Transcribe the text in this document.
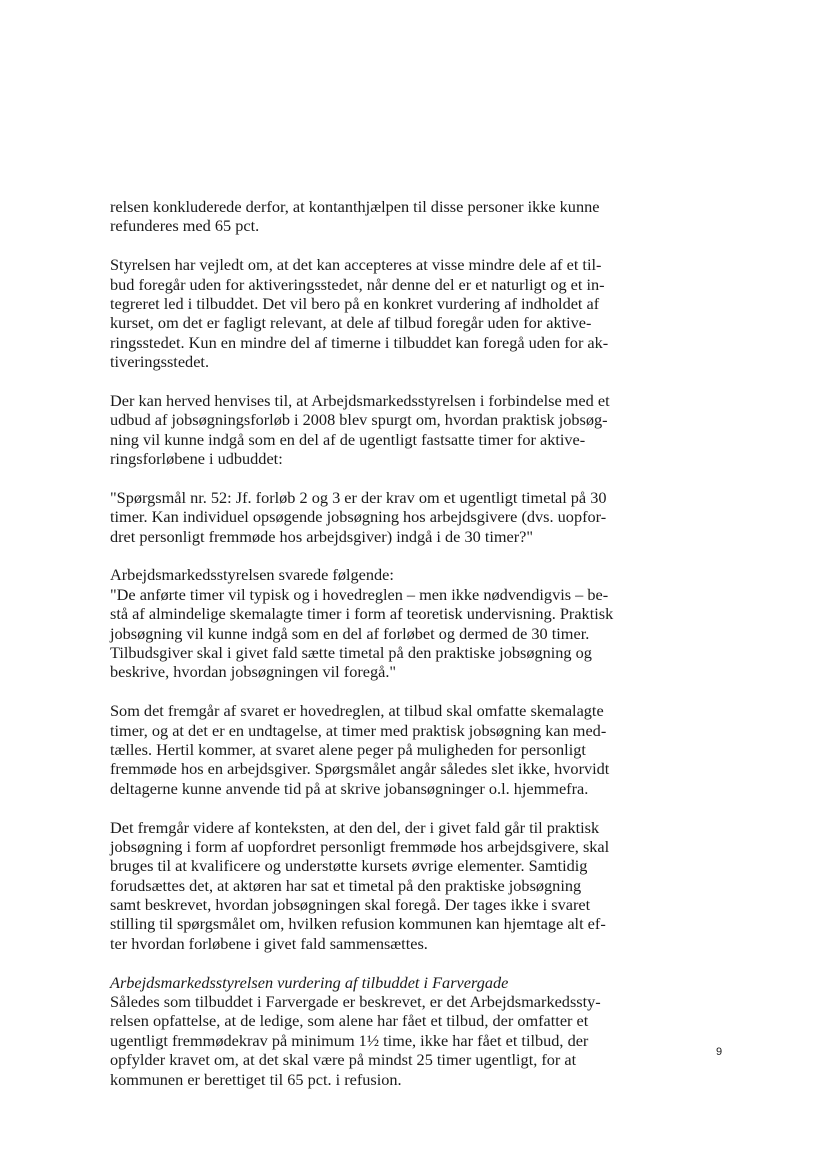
relsen konkluderede derfor, at kontanthjælpen til disse personer ikke kunne
refunderes med 65 pct.
Styrelsen har vejledt om, at det kan accepteres at visse mindre dele af et til-
bud foregår uden for aktiveringsstedet, når denne del er et naturligt og et in-
tegreret led i tilbuddet. Det vil bero på en konkret vurdering af indholdet af
kurset, om det er fagligt relevant, at dele af tilbud foregår uden for aktive-
ringsstedet. Kun en mindre del af timerne i tilbuddet kan foregå uden for ak-
tiveringsstedet.
Der kan herved henvises til, at Arbejdsmarkedsstyrelsen i forbindelse med et
udbud af jobsøgningsforløb i 2008 blev spurgt om, hvordan praktisk jobsøg-
ning vil kunne indgå som en del af de ugentligt fastsatte timer for aktive-
ringsforløbene i udbuddet:
"Spørgsmål nr. 52: Jf. forløb 2 og 3 er der krav om et ugentligt timetal på 30
timer. Kan individuel opsøgende jobsøgning hos arbejdsgivere (dvs. uopfor-
dret personligt fremmøde hos arbejdsgiver) indgå i de 30 timer?"
Arbejdsmarkedsstyrelsen svarede følgende:
"De anførte timer vil typisk og i hovedreglen – men ikke nødvendigvis – be-
stå af almindelige skemalagte timer i form af teoretisk undervisning. Praktisk
jobsøgning vil kunne indgå som en del af forløbet og dermed de 30 timer.
Tilbudsgiver skal i givet fald sætte timetal på den praktiske jobsøgning og
beskrive, hvordan jobsøgningen vil foregå."
Som det fremgår af svaret er hovedreglen, at tilbud skal omfatte skemalagte
timer, og at det er en undtagelse, at timer med praktisk jobsøgning kan med-
tælles. Hertil kommer, at svaret alene peger på muligheden for personligt
fremmøde hos en arbejdsgiver. Spørgsmålet angår således slet ikke, hvorvidt
deltagerne kunne anvende tid på at skrive jobansøgninger o.l. hjemmefra.
Det fremgår videre af konteksten, at den del, der i givet fald går til praktisk
jobsøgning i form af uopfordret personligt fremmøde hos arbejdsgivere, skal
bruges til at kvalificere og understøtte kursets øvrige elementer. Samtidig
forudsættes det, at aktøren har sat et timetal på den praktiske jobsøgning
samt beskrevet, hvordan jobsøgningen skal foregå. Der tages ikke i svaret
stilling til spørgsmålet om, hvilken refusion kommunen kan hjemtage alt ef-
ter hvordan forløbene i givet fald sammensættes.
Arbejdsmarkedsstyrelsen vurdering af tilbuddet i Farvergade
Således som tilbuddet i Farvergade er beskrevet, er det Arbejdsmarkedssty-
relsen opfattelse, at de ledige, som alene har fået et tilbud, der omfatter et
ugentligt fremmødekrav på minimum 1½ time, ikke har fået et tilbud, der
opfylder kravet om, at det skal være på mindst 25 timer ugentligt, for at
kommunen er berettiget til 65 pct. i refusion.
9
